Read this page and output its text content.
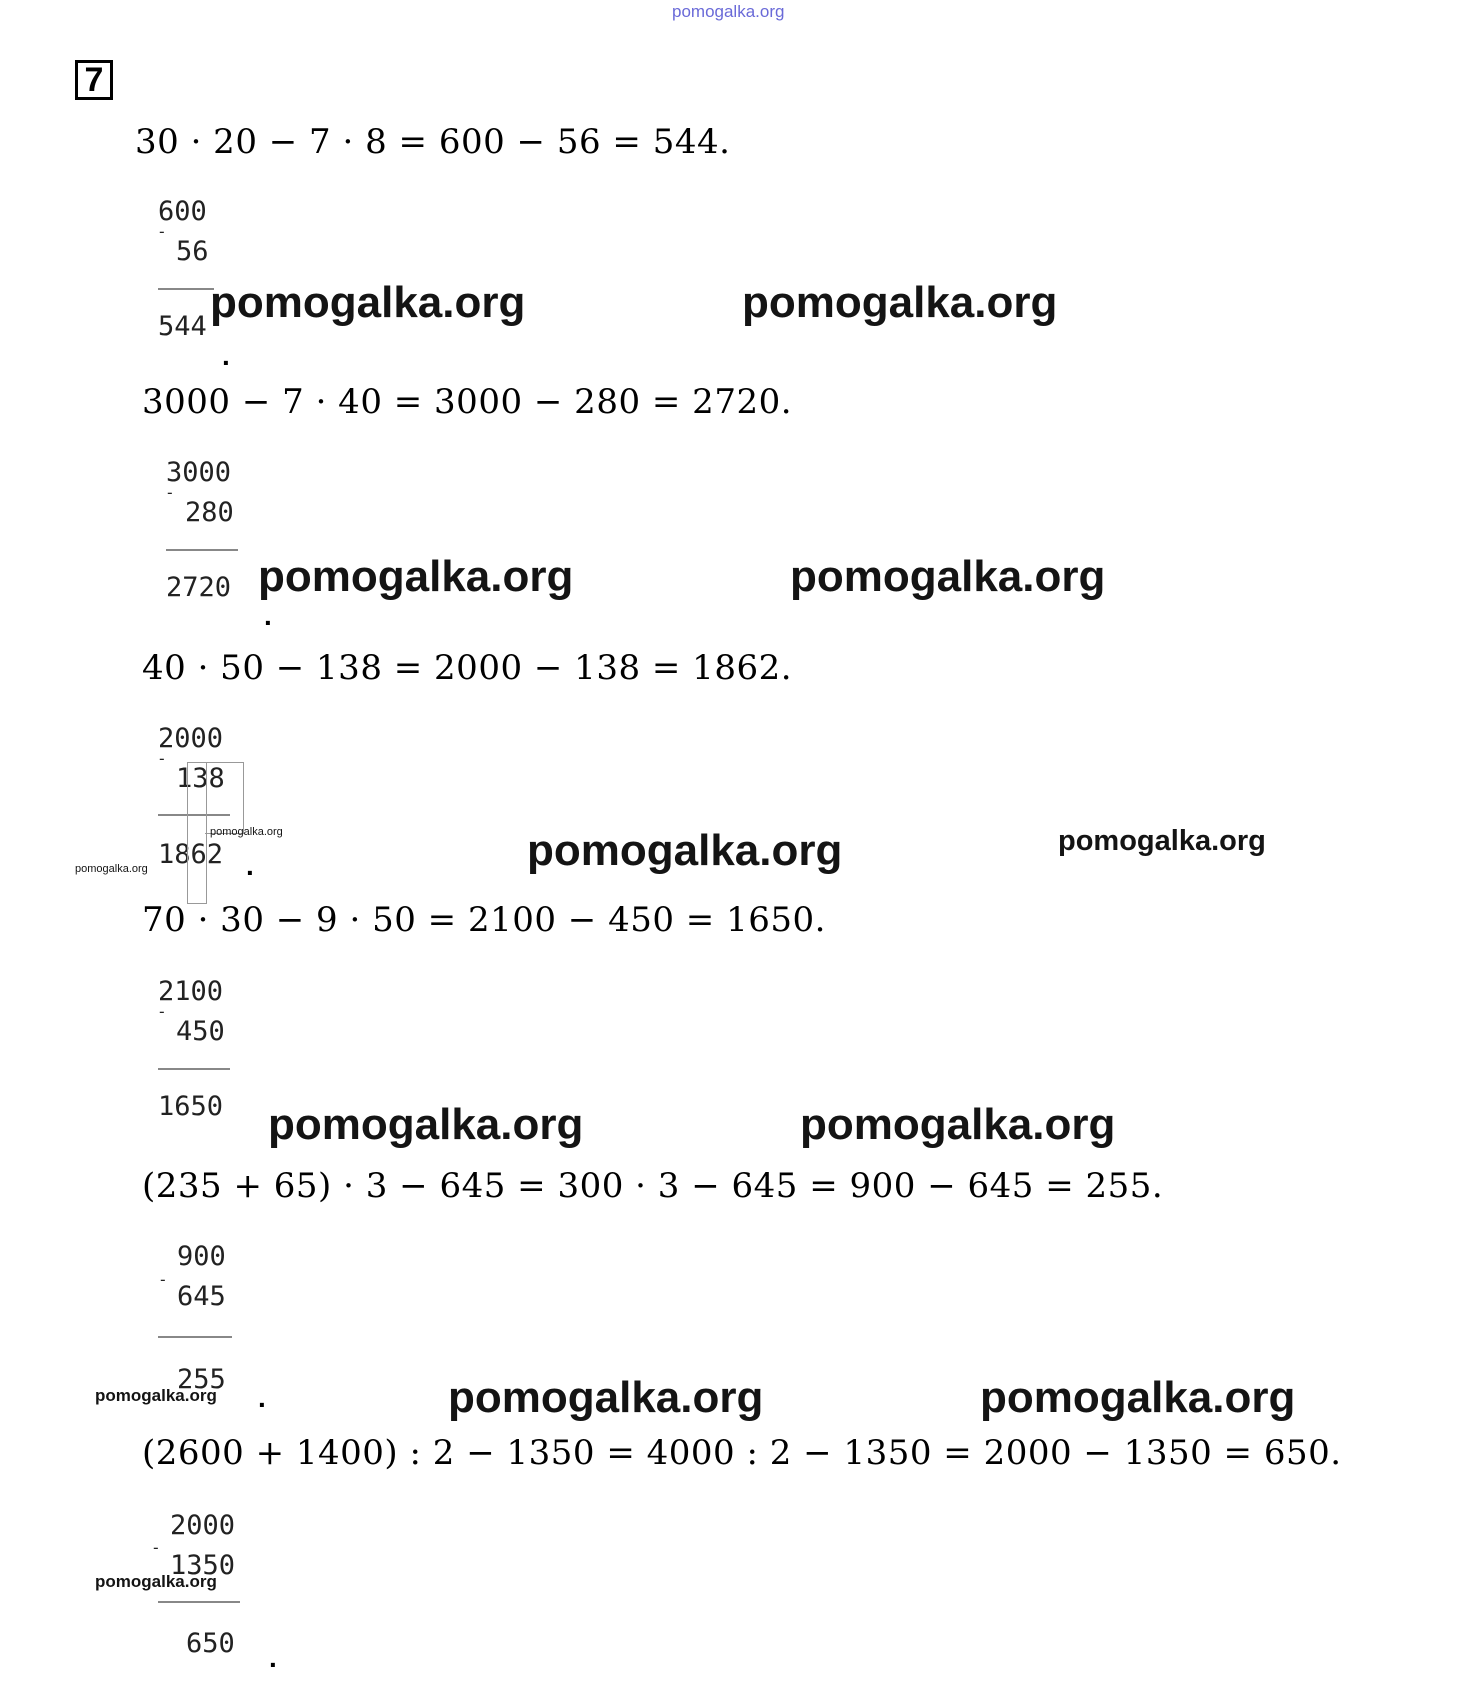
pomogalka.org
7
30 · 20 − 7 · 8 = 600 − 56 = 544.
600
-
56
544
.
pomogalka.org	pomogalka.org
3000 − 7 · 40 = 3000 − 280 = 2720.
3000
-
280
2720
.
pomogalka.org	pomogalka.org
40 · 50 − 138 = 2000 − 138 = 1862.
2000
-
138
1862 .
pomogalka.org
pomogalka.org	pomogalka.org	pomogalka.org
70 · 30 − 9 · 50 = 2100 − 450 = 1650.
2100
-
450
1650 pomogalka.org	pomogalka.org
(235 + 65) · 3 − 645 = 300 · 3 − 645 = 900 − 645 = 255.
900
-
645
255
pomogalka.org .	pomogalka.org	pomogalka.org
(2600 + 1400) : 2 − 1350 = 4000 : 2 − 1350 = 2000 − 1350 = 650.
2000
-
1350
pomogalka.org
650 .
